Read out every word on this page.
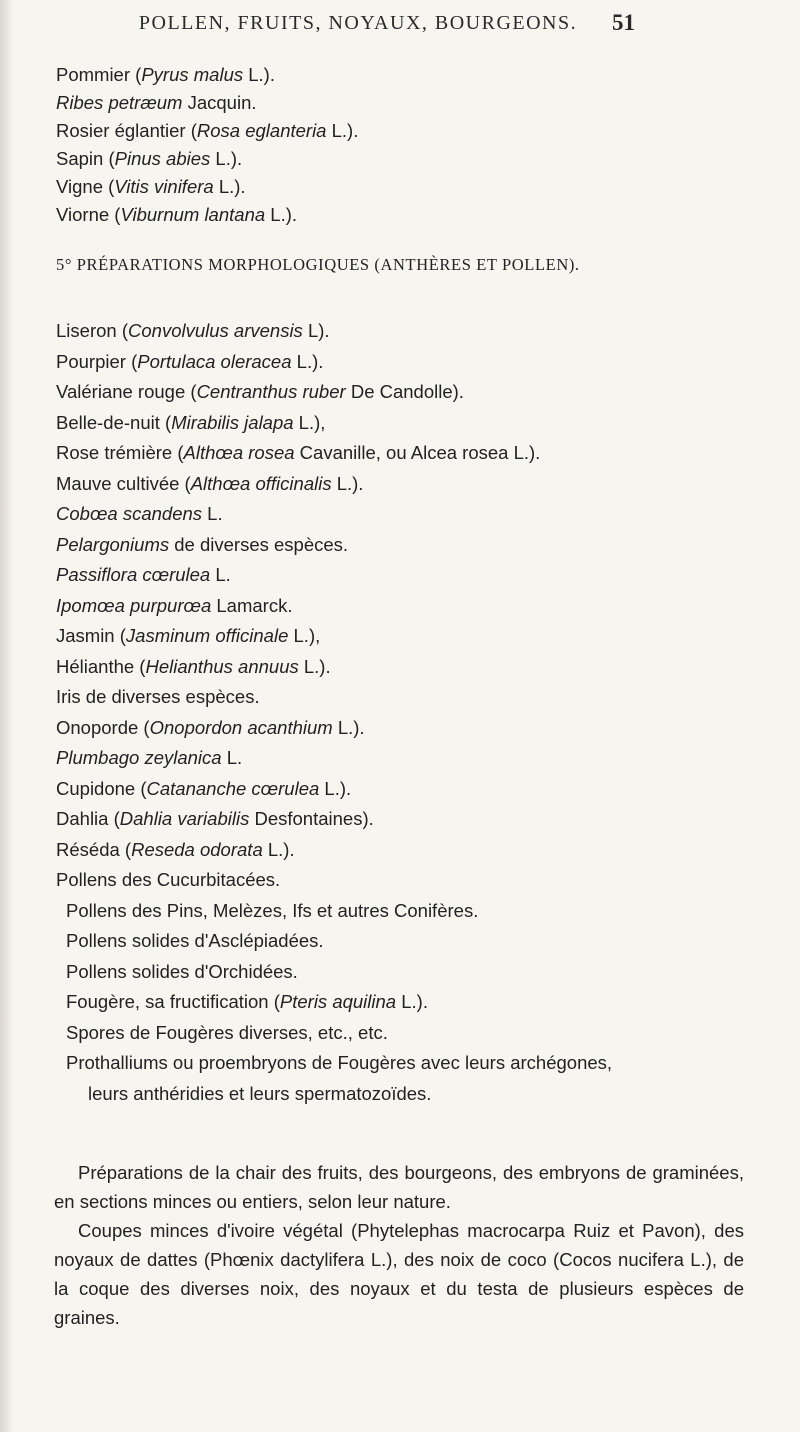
POLLEN, FRUITS, NOYAUX, BOURGEONS.	51
Pommier (Pyrus malus L.).
Ribes petræum Jacquin.
Rosier églantier (Rosa eglanteria L.).
Sapin (Pinus abies L.).
Vigne (Vitis vinifera L.).
Viorne (Viburnum lantana L.).
5° PRÉPARATIONS MORPHOLOGIQUES (ANTHÈRES ET POLLEN).
Liseron (Convolvulus arvensis L).
Pourpier (Portulaca oleracea L.).
Valériane rouge (Centranthus ruber De Candolle).
Belle-de-nuit (Mirabilis jalapa L.),
Rose trémière (Althœa rosea Cavanille, ou Alcea rosea L.).
Mauve cultivée (Althœa officinalis L.).
Cobœa scandens L.
Pelargoniums de diverses espèces.
Passiflora cœrulea L.
Ipomœa purpurœa Lamarck.
Jasmin (Jasminum officinale L.),
Hélianthe (Helianthus annuus L.).
Iris de diverses espèces.
Onoporde (Onopordon acanthium L.).
Plumbago zeylanica L.
Cupidone (Catananche cœrulea L.).
Dahlia (Dahlia variabilis Desfontaines).
Réséda (Reseda odorata L.).
Pollens des Cucurbitacées.
Pollens des Pins, Melèzes, Ifs et autres Conifères.
Pollens solides d'Asclépiadées.
Pollens solides d'Orchidées.
Fougère, sa fructification (Pteris aquilina L.).
Spores de Fougères diverses, etc., etc.
Prothalliums ou proembryons de Fougères avec leurs archégones,
leurs anthéridies et leurs spermatozoïdes.
Préparations de la chair des fruits, des bourgeons, des embryons de graminées, en sections minces ou entiers, selon leur nature.
Coupes minces d'ivoire végétal (Phytelephas macrocarpa Ruiz et Pavon), des noyaux de dattes (Phœnix dactylifera L.), des noix de coco (Cocos nucifera L.), de la coque des diverses noix, des noyaux et du testa de plusieurs espèces de graines.
